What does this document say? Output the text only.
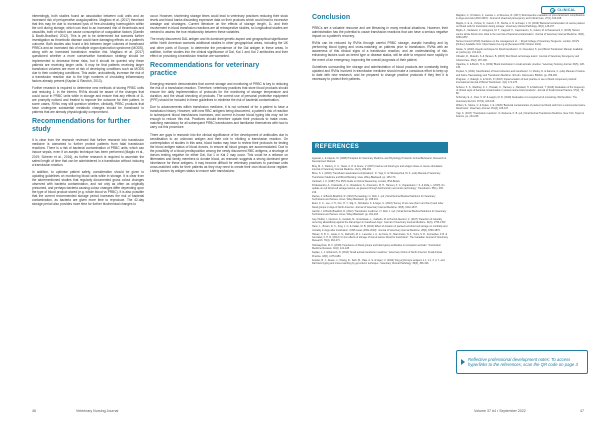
CLINICAL

interestingly, both studies found an association between cold units and an increased risk of perioperative coagulopathies. Magliaro et al. (2017) theorised that this may be due to increased lysis of free-circulating haemoglobin within the unit during storage, which can lead to an increased risk of thrombosis and vasculitis, both of which can cause consumption of coagulation factors (Gamlin & Booth-Bradford, 2012). This is yet to be determined but warrants further investigation as thrombotic disease could have damaging effects on a patient's outcome. Both studies also found a link between larger volumes of transfused PRBCs and an increased risk of multiple organ dysfunction syndrome (MODS), along with an increased transfusion reaction risk. Magliaro et al. (2017) questioned whether a more conservative transfusion strategy should be implemented to decrease these risks, but it should be queried why these patients are receiving larger units. It may be that patients receiving larger transfusion volumes are more at risk of developing conditions such as MODS due to their underlying conditions. This aside, undoubtedly, increase the risk of a transfusion reaction due to the high numbers of circulating inflammatory factors already present (Kaplan & Rancich, 2013).

Further research is required to determine new methods of storing PRBC units and reducing 1. In the interim, RVNs should be aware of the changes that could occur in PRBC units while in storage and ensure that any effects of 1L are promptly noticed and treated to improve the outcome for their patient. In some cases, RVNs may still question whether, clinically, PRBC products that have undergone substantial metabolic changes should be transfused to patients that are already physiologically compromised.

Recommendations for further study

It is clear from the research reviewed that further research into transfusion medicine is warranted to further protect patients from fatal transfusion reactions. There is a risk of bacterial contamination of PRBC units, which can induce sepsis, even if an aseptic technique has been performed (Maglio et al., 2019; Scherer et al., 2016), as further research is required to ascertain the safest length of time that can be administered in a transfusion without inducing a transfusion reaction.

In addition, to optimise patient safety, consideration should be given to updating guidelines on monitoring blood units while in storage. It is clear from the aforementioned studies that regularly documented gross colour changes observed with bacteria contamination, and not only as often as originally presumed, and perhaps bacteria causing colour changes differ depending upon the type of blood product stored (e.g. whole blood vs PRBC). It is also possible that the current recommended storage period increases the risk of bacterial contamination, as bacteria are given more time to reproduce. The 42-day storage period also provides more time for further biochemical changes to

occur. However, shortening storage times could lead to veterinary practices reducing their stock levels and blood banks discarding expensive data on their products which could lead to excessive wastage and shortages. Current literature on the effects of storage length, 1L and their involvement in blood transfusion reactions are all retrospective studies, so longitudinal studies are needed to assess the true relationship between these variables.

The newly discovered DAL antigen and its dominant genetic aspect and geographical significance within North American warrants additional studies in other geographical areas, including the UK and other parts of Europe, to determine the prevalence of the Dal antigen in these areas. In addition, further studies into the clinical significance of Dal, Kai 1 and Kai 2 antibodies and their effect on provoking a transfusion reaction are warranted.

Recommendations for veterinary practice

Emerging research demonstrates that correct storage and monitoring of PRBC is key to reducing the risk of a transfusion reaction. Therefore, veterinary practices that store blood products should ensure the daily implementation of protocols for the monitoring of storage temperature and duration, and the visual checking of products. The correct use of personal protective equipment (PPE) should be included in these guidelines to minimise the risk of bacterial contamination.

Due to advancements within transfusion medicine, it is not unheard of for a patient to have a transfusion history. However, with new RBC antigens being discovered, a patient's risk of reaction to subsequent blood transfusions increases, and current in-house blood typing kits may not be enough to reduce this risk. Practices should therefore update their protocols to make cross-matching mandatory for all subsequent PRBC transfusions and familiarise themselves with how to carry out this procedure.

There are gaps in research into the clinical significance of the development of antibodies due to sensitisation to an unknown antigen and their role in eliciting a transfusion reaction. On contemplation of studies in this area, blood banks may have to review their protocols for testing the blood antigen status of blood donors, to ensure all blood groups are accommodated. Due to the possibility of a blood predisposition among the newly discovered RBC antigens, a shortage of donors testing negative for either Dal, Kai 1 or Kai 2 may occur. This could be a reliance on littermates and family members to donate blood, as research suggests a strong dominant gene inheritance for these antigens. It may become difficult for veterinary practices to purchase units cross-matched units for their patients as they may need to create their own blood donor register. Listing donors by antigen status to ensure safe transfusions.

Conclusion

PRBCs are a valuable resource and are lifesaving in many medical situations. However, their administration has the potential to cause transfusion reactions that can have a serious negative impact on a patient's recovery.

RVNs can be reduced by RVNs through careful PRBC storage, aseptic handling and by performing blood typing and cross-matching on patients prior to transfusion. RVNs with an awareness of this clinical signs of a transfusion reaction, and an understanding of risk-enhancing factors such as breed type or disease status, will be able to respond more rapidly in the event of an emergency, improving the overall prognosis of their patient.

Guidelines surrounding the storage and administration of blood products are constantly being updated and RVNs involved in transfusion medicine should make a conscious effort to keep up to date with new research, and be prepared to change practice protocols if they feel it is necessary to protect their patients.

REFERENCES
Agarwal, L. & Caputo, M. (2008) Principles for Veterinary Medicine and Physiology Protocols: Animal Behaviour, Research & Development Manual.
Bray, M. J., Flattery, C. C., Swan, A. H. & Grace, V. (2007) Canine red blood type and antigen tissue in canine stimulation. Journal of Veterinary Internal Medicine. 21(2), 289-294.
Brice, S. J. (2018) 'Transfusion associated complications'. In: Yagi, K. & Holowaychuk, M. K. (eds) Manual of Veterinary Transfusion Medicine and Blood Banking. Iowa, Wiley-Blackwell. pp. 165-173.
Cantwell, J. K. (1987) The RVN Guide to Clinical Reasoning. London, BSA Books.
D'Alessandro, A., Kriebardis, A. G., Rinalducci, S., Antonelou, M. H., Hansen, K. C., Papassideri, I. S. & Zolla, L. (2015) 'An update on red blood cell storage lesions, as gleaned through biochemistry and omics technology'. Transfusion. 55(1), 205-219.
Davies, J. & Booth-Bradford, R. (2012) Hematology. In: Well, J. (ed.) Small Animal Medical Solutions for Veterinary Technicians and Nurses. Ames, Wiley-Blackwell. pp. 188-201.
Euler, C. C., Lee, J. H., Kim, H. Y., Raj, K., Mizukami, K. & Giger, U. (2016) 'Survey of two new (Kai 1 and Kai 2) and other blood groups in dogs of North America'. Journal of Veterinary Internal Medicine. 30(5), 1642-1647.
Gamlin, I. & Booth-Bradford, R. (2012) 'Transfusion medicine'. In: Well, J. (ed.) Small Animal Medical Solutions for Veterinary Technicians and Nurses. Ames, Wiley-Blackwell. pp. 201-218.
Goy-Thollot, I., Nectoux, A., Guidetti, M., Grosclaude, L., Cathelin, M. & Pouzot-Nevoret, C. (2017) 'Detection of naturally occurring alloantibody against the Dal antigen in transfused dogs'. Journal of Veterinary Internal Medicine. 31(6), 1756-1762.
Hann, L., Brown, D. C., King, L. G. & Callan, M. B. (2014) 'Effect of duration of packed red blood cell storage on morbidity and mortality in dogs after transfusion: 3,095 cases (2001-2010)'. Journal of Veterinary Internal Medicine. 28(6), 1830-1837.
Hlavac, N. R. C., Lasta, C. S., Dalmolin, M. L., Lacerda, L. A., de Korte, D., Marcondes, N. A., Terra, S. R., Fernandes, F. B. & Gonzalez, F. H. D. (2012) 'In vivo effects of storage of stored canine blood for transfusion'. The Canadian Journal of Veterinary Research. 76(4), 264-271.
Holowaychuk, M. K. (2018) 'Importance of blood groups and blood group antibodies in companion animals'. Transfusion Medicine Reviews. 32(2), 121-128.
Kaplan, L. J. & Rancich, N. (2013) 'Small animal transfusion medicine'. Veterinary Clinics of North America: Small Animal Practice. 43(6), 1175-1184.
Kessler, R. J., Reese, J., Chang, D., Seth, M., Hale, A. S. & Giger, U. (2010) 'Dog erythrocyte antigens 1.1, 1.2, 3, 4, 7, and Dal blood typing and cross-matching by gel column technique'. Veterinary Clinical Pathology. 39(3), 306-316.
Magliaro, C., Di Mauro, F., Lanotte, L. & Simeone, R. (2017) 'Retrospective evaluation of post-transfusion complications in dogs and cats (2010-2015)'. Journal of Veterinary Emergency and Critical Care. 27(1), 100-108.
Maglio, C. E. E., Uchoa, D., Carelli, J. B., Rocha, A. R. & Araujo, J. M. (2019) 'Bacterial contamination of canine packed red blood cells for transfusion during storage'. Veterinary Clinical Pathology. 48(1), 146-157.
Miglio, A., Stefanetti, V., Antognoni, M. T., Cappelli, K., Capomaccio, S., Coletti, M. & Passamonti, F. (2016) 'Stored canine whole blood units: what is the real risk of bacterial contamination'. Journal of Veterinary Internal Medicine. 30(6), 1830-1837.
Nurses Council (2019) 'Guidance on the management of...'. Royal College of Veterinary Surgeons. London, RCVS. [Online]. Available from: https://www.rcvs.org.uk [Accessed 15th October 2021].
Noske, S. (2020) 'Aseptic technique for blood transfusion'. In: Cleveland, S. (ed.) Blood Transfusion Manual. Available at: [online] pp. 212-216.
Obrador, R., Musulin, S. & Hansen, B. (2015) 'Red blood cell storage lesion'. Journal of Veterinary Emergency and Critical Care. 25(2), 187-199.
Ogamba, C. & Booth, H. A. (2019) 'Blood transfusion in small animals: practice'. Veterinary Nursing Journal. 34(5), 128-136.
Peplow, S. (2021) 'Identification of blood collection and transfusion'. In: Morley, D. & Zamora, C. (eds) Manual of Canine and Feline Haematology and Transfusion Medicine. 3rd edn. Gloucester, BSAVA. pp. 259-266.
Pragman, J., Raleigh, A. & Smith, P. (2018) 'Implementation of best practice in use of blood component protocol'. International Journal of Blood Transfusion. 3(4), 171-178.
Scherer, K. S., Wardrop, K. J., Hossain, K., Hansen, L., Bardwell, H. & Mahmood, T. (2016) 'Evaluation of the frequency of clinical signs of bacterial contamination in stored canine blood products'. Journal of Small Animal Practice. 57(2), 75-80.
Schimsky, E. A., Dow, S. W. & Lappin, M. R. (2010) 'Evaluation of a surgical scrub containing chlorhexidine'. The Veterinary Record. 157(4), 106-109.
Wilson, S., Moore, C. & Sykes, J. E. (2020) 'Bacterial contamination of packed red blood cells from a commercial canine blood bank'. Veterinary Journal. 161(4), 106-107.
Yagi, K. (2017) 'Transfusion reactions'. In: Rebecca, K. B. (ed.) Small Animal Transfusion Medicine. New York, Taylor & Francis. pp. 224-236.
Reflective professional development notes: To access hyperlinks to the references, scan the QR code on page 3
46	Veterinary Nursing Journal	Volume 37 #4 • September 2022	47
